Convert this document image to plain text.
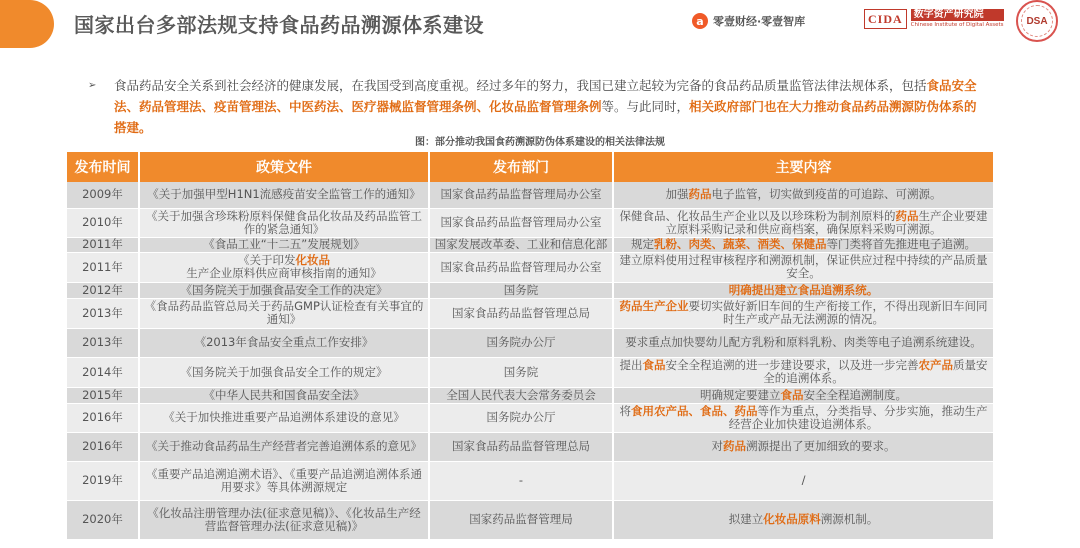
国家出台多部法规支持食品药品溯源体系建设	a 零壹财经·零壹智库	CIDA	数字资产研究院
Chinese Institute of Digital Assets	DSA
➢ 食品药品安全关系到社会经济的健康发展，在我国受到高度重视。经过多年的努力，我国已建立起较为完备的食品药品质量监管法律法规体系，包括食品安全法、药品管理法、疫苗管理法、中医药法、医疗器械监督管理条例、化妆品监督管理条例等。与此同时，相关政府部门也在大力推动食品药品溯源防伪体系的搭建。
图：部分推动我国食药溯源防伪体系建设的相关法律法规
发布时间	政策文件	发布部门	主要内容
2009年	《关于加强甲型H1N1流感疫苗安全监管工作的通知》	国家食品药品监督管理局办公室	加强药品电子监管，切实做到疫苗的可追踪、可溯源。
2010年	《关于加强含珍珠粉原料保健食品化妆品及药品监管工作的紧急通知》	国家食品药品监督管理局办公室	保健食品、化妆品生产企业以及以珍珠粉为制剂原料的药品生产企业要建立原料采购记录和供应商档案，确保原料采购可溯源。
2011年	《食品工业“十二五”发展规划》	国家发展改革委、工业和信息化部	规定乳粉、肉类、蔬菜、酒类、保健品等门类将首先推进电子追溯。
2011年	《关于印发化妆品生产企业原料供应商审核指南的通知》	国家食品药品监督管理局办公室	建立原料使用过程审核程序和溯源机制，保证供应过程中持续的产品质量安全。
2012年	《国务院关于加强食品安全工作的决定》	国务院	明确提出建立食品追溯系统。
2013年	《食品药品监管总局关于药品GMP认证检查有关事宜的通知》	国家食品药品监督管理总局	药品生产企业要切实做好新旧车间的生产衔接工作，不得出现新旧车间同时生产或产品无法溯源的情况。
2013年	《2013年食品安全重点工作安排》	国务院办公厅	要求重点加快婴幼儿配方乳粉和原料乳粉、肉类等电子追溯系统建设。
2014年	《国务院关于加强食品安全工作的规定》	国务院	提出食品安全全程追溯的进一步建设要求，以及进一步完善农产品质量安全的追溯体系。
2015年	《中华人民共和国食品安全法》	全国人民代表大会常务委员会	明确规定要建立食品安全全程追溯制度。
2016年	《关于加快推进重要产品追溯体系建设的意见》	国务院办公厅	将食用农产品、食品、药品等作为重点，分类指导、分步实施，推动生产经营企业加快建设追溯体系。
2016年	《关于推动食品药品生产经营者完善追溯体系的意见》	国家食品药品监督管理总局	对药品溯源提出了更加细致的要求。
2019年	《重要产品追溯追溯术语》、《重要产品追溯追溯体系通用要求》等具体溯源规定	-	/
2020年	《化妆品注册管理办法(征求意见稿)》、《化妆品生产经营监督管理办法(征求意见稿)》	国家药品监督管理局	拟建立化妆品原料溯源机制。
